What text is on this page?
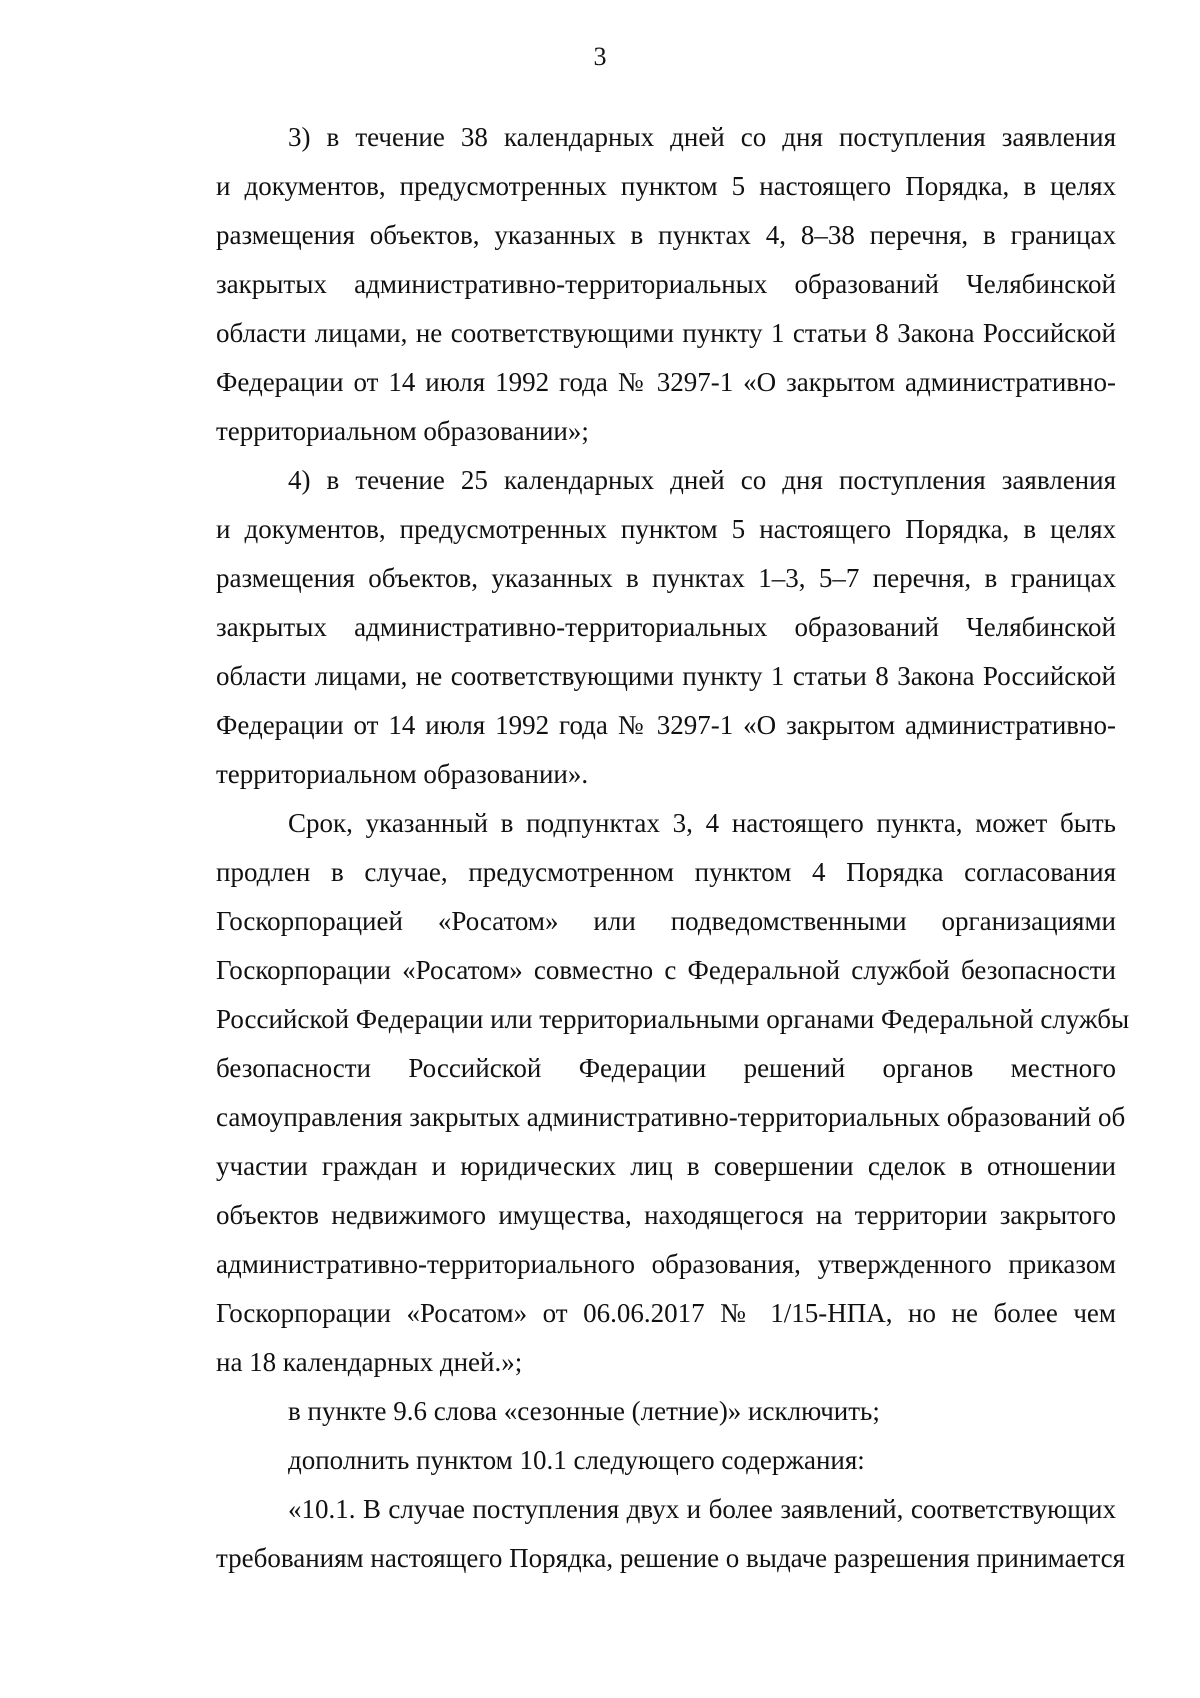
3
3) в течение 38 календарных дней со дня поступления заявления
и документов, предусмотренных пунктом 5 настоящего Порядка, в целях
размещения объектов, указанных в пунктах 4, 8–38 перечня, в границах
закрытых административно-территориальных образований Челябинской
области лицами, не соответствующими пункту 1 статьи 8 Закона Российской
Федерации от 14 июля 1992 года № 3297-1 «О закрытом административно-
территориальном образовании»;
4) в течение 25 календарных дней со дня поступления заявления
и документов, предусмотренных пунктом 5 настоящего Порядка, в целях
размещения объектов, указанных в пунктах 1–3, 5–7 перечня, в границах
закрытых административно-территориальных образований Челябинской
области лицами, не соответствующими пункту 1 статьи 8 Закона Российской
Федерации от 14 июля 1992 года № 3297-1 «О закрытом административно-
территориальном образовании».
Срок, указанный в подпунктах 3, 4 настоящего пункта, может быть
продлен в случае, предусмотренном пунктом 4 Порядка согласования
Госкорпорацией «Росатом» или подведомственными организациями
Госкорпорации «Росатом» совместно с Федеральной службой безопасности
Российской Федерации или территориальными органами Федеральной службы
безопасности Российской Федерации решений органов местного
самоуправления закрытых административно-территориальных образований об
участии граждан и юридических лиц в совершении сделок в отношении
объектов недвижимого имущества, находящегося на территории закрытого
административно-территориального образования, утвержденного приказом
Госкорпорации «Росатом» от 06.06.2017 № 1/15-НПА, но не более чем
на 18 календарных дней.»;
в пункте 9.6 слова «сезонные (летние)» исключить;
дополнить пунктом 10.1 следующего содержания:
«10.1. В случае поступления двух и более заявлений, соответствующих
требованиям настоящего Порядка, решение о выдаче разрешения принимается
